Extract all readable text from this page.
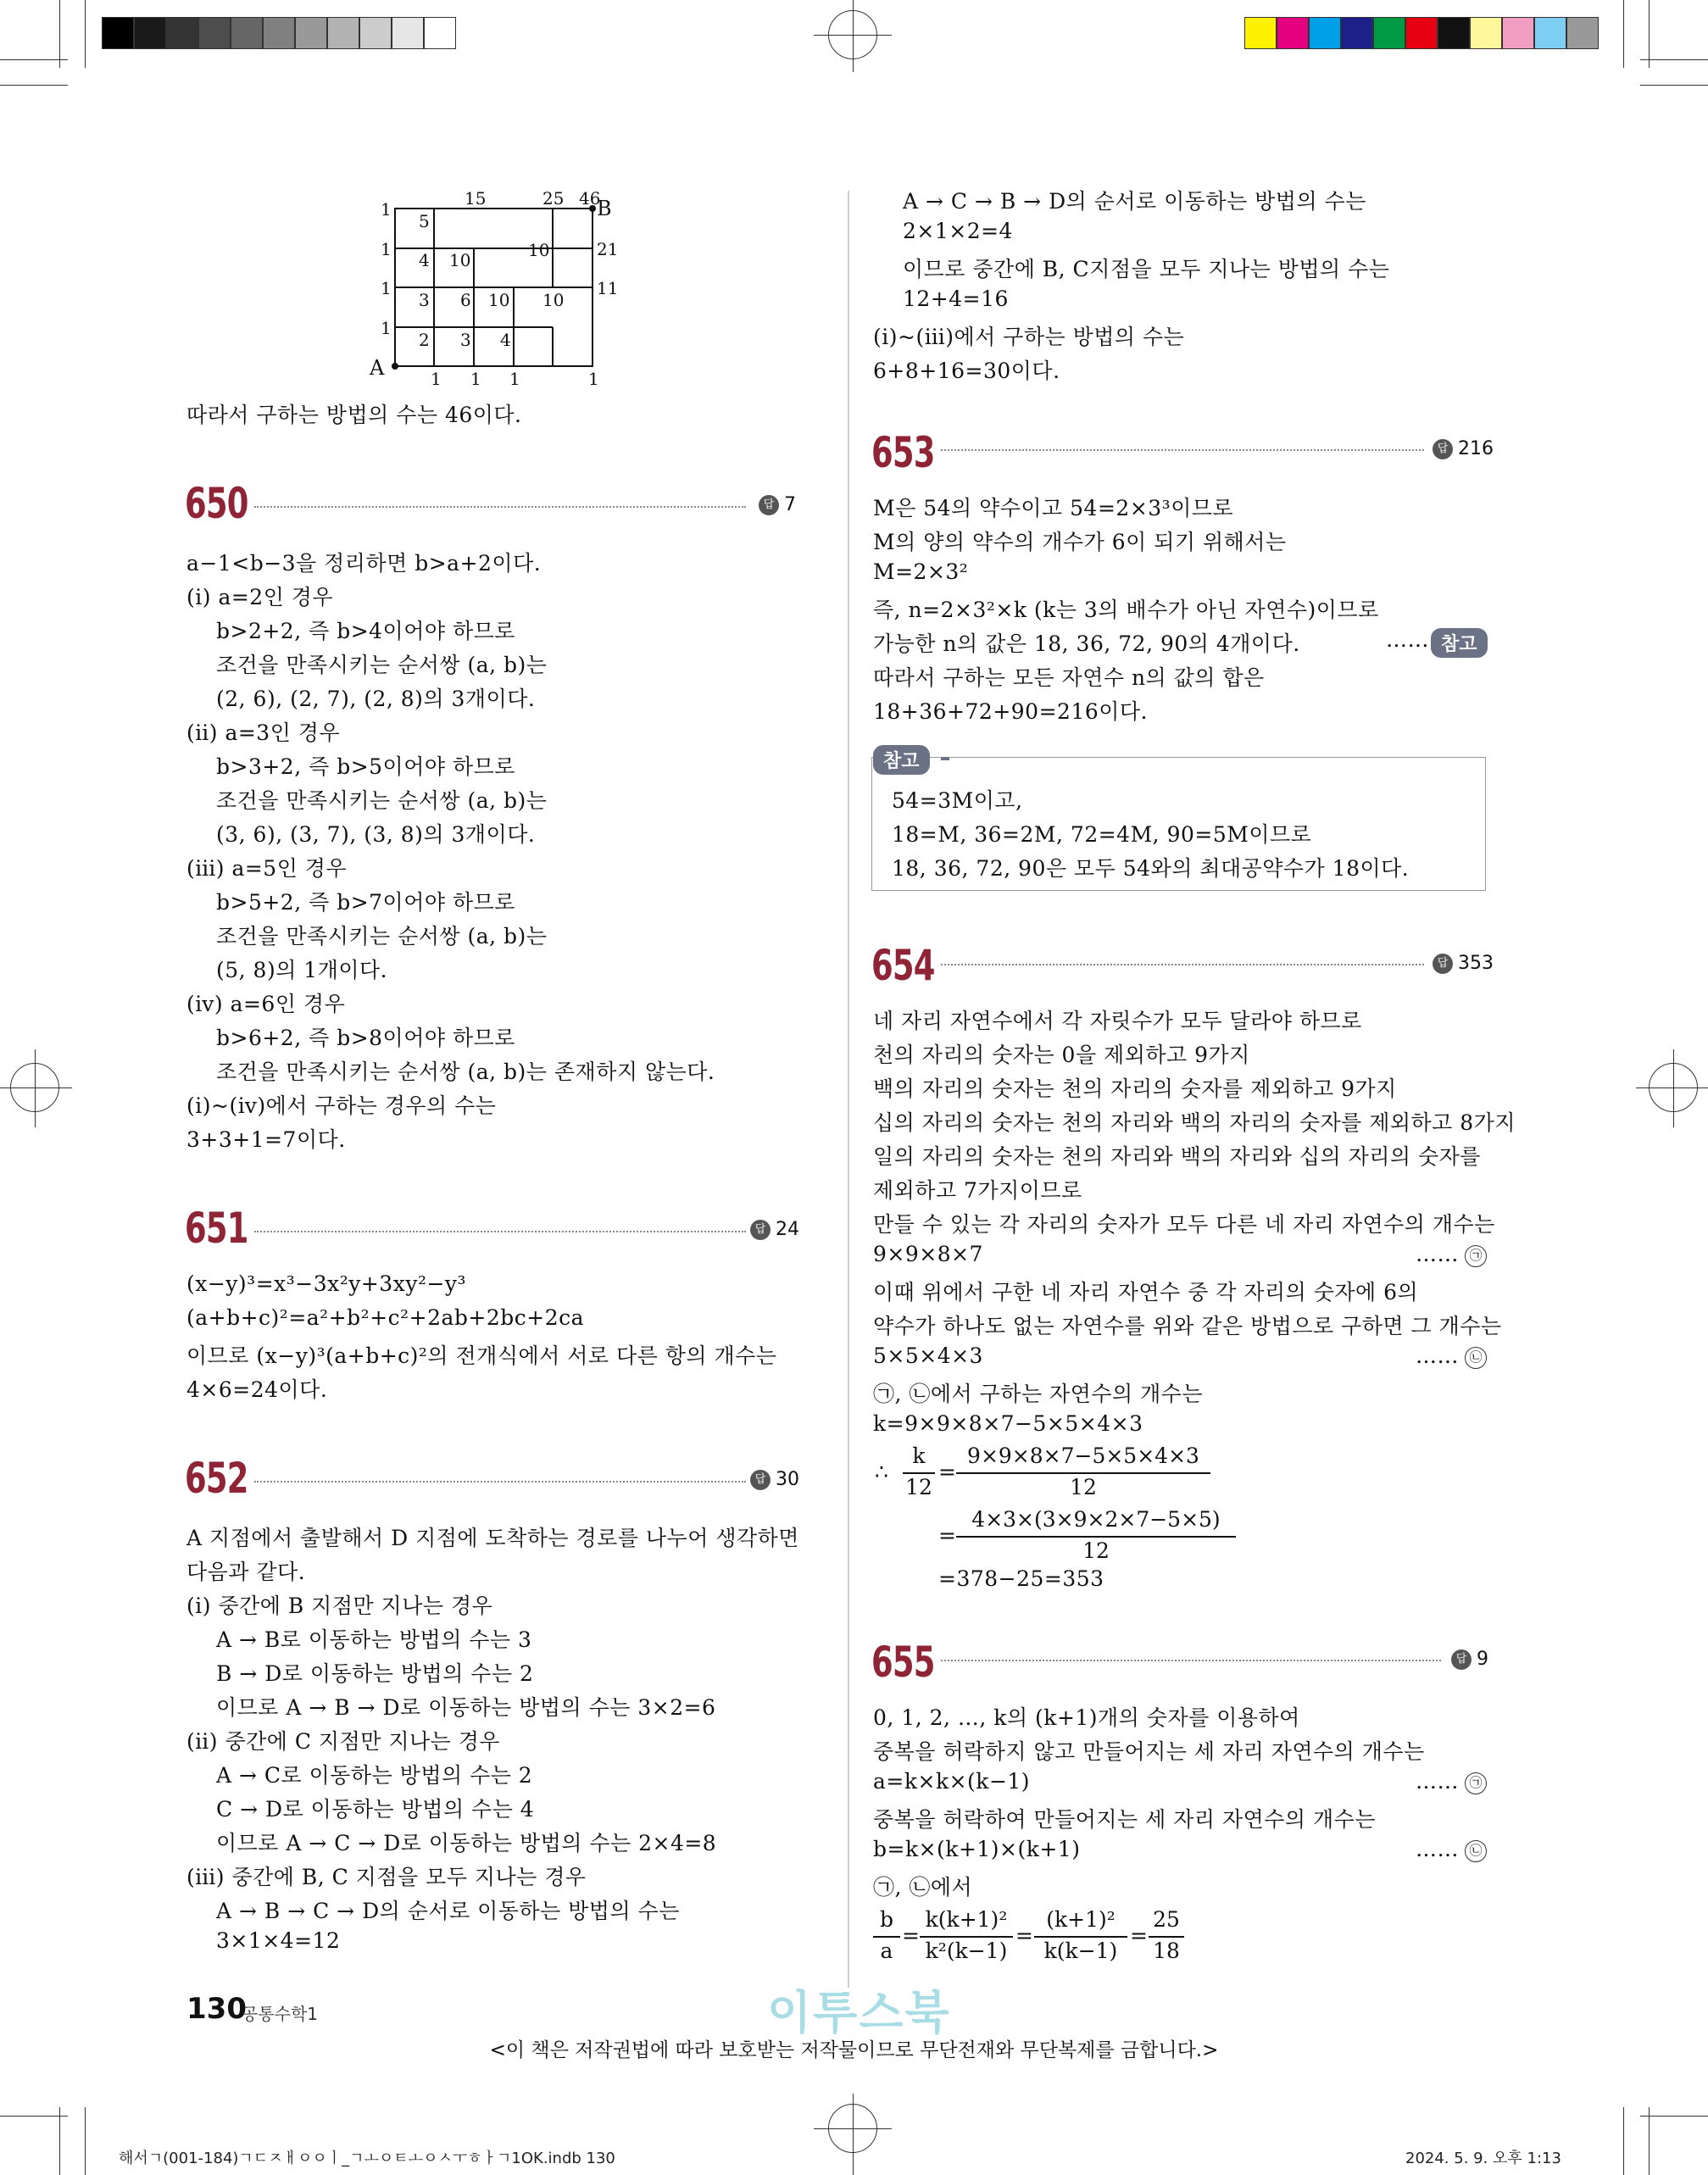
A
B
15	25 46
1
1
1
1
5
4 10	10	21
11
3 6 10 10
2 3 4
1 1 1	1
따라서 구하는 방법의 수는 46이다.
650	답 7
a−1<b−3을 정리하면 b>a+2이다.
(ⅰ) a=2인 경우
b>2+2, 즉 b>4이어야 하므로
조건을 만족시키는 순서쌍 (a, b)는
(2, 6), (2, 7), (2, 8)의 3개이다.
(ⅱ) a=3인 경우
b>3+2, 즉 b>5이어야 하므로
조건을 만족시키는 순서쌍 (a, b)는
(3, 6), (3, 7), (3, 8)의 3개이다.
(ⅲ) a=5인 경우
b>5+2, 즉 b>7이어야 하므로
조건을 만족시키는 순서쌍 (a, b)는
(5, 8)의 1개이다.
(ⅳ) a=6인 경우
b>6+2, 즉 b>8이어야 하므로
조건을 만족시키는 순서쌍 (a, b)는 존재하지 않는다.
(ⅰ)~(ⅳ)에서 구하는 경우의 수는
3+3+1=7이다.
651	답 24
(x−y)³=x³−3x²y+3xy²−y³
(a+b+c)²=a²+b²+c²+2ab+2bc+2ca
이므로 (x−y)³(a+b+c)²의 전개식에서 서로 다른 항의 개수는
4×6=24이다.
652	답 30
A 지점에서 출발해서 D 지점에 도착하는 경로를 나누어 생각하면
다음과 같다.
(ⅰ) 중간에 B 지점만 지나는 경우
A → B로 이동하는 방법의 수는 3
B → D로 이동하는 방법의 수는 2
이므로 A → B → D로 이동하는 방법의 수는 3×2=6
(ⅱ) 중간에 C 지점만 지나는 경우
A → C로 이동하는 방법의 수는 2
C → D로 이동하는 방법의 수는 4
이므로 A → C → D로 이동하는 방법의 수는 2×4=8
(ⅲ) 중간에 B, C 지점을 모두 지나는 경우
A → B → C → D의 순서로 이동하는 방법의 수는
3×1×4=12
A → C → B → D의 순서로 이동하는 방법의 수는
2×1×2=4
이므로 중간에 B, C지점을 모두 지나는 방법의 수는
12+4=16
(ⅰ)~(ⅲ)에서 구하는 방법의 수는
6+8+16=30이다.
653	답 216
M은 54의 약수이고 54=2×3³이므로
M의 양의 약수의 개수가 6이 되기 위해서는
M=2×3²
즉, n=2×3²×k (k는 3의 배수가 아닌 자연수)이므로
가능한 n의 값은 18, 36, 72, 90의 4개이다.	…… 참고
따라서 구하는 모든 자연수 n의 값의 합은
18+36+72+90=216이다.
참고
54=3M이고,
18=M, 36=2M, 72=4M, 90=5M이므로
18, 36, 72, 90은 모두 54와의 최대공약수가 18이다.
654	답 353
네 자리 자연수에서 각 자릿수가 모두 달라야 하므로
천의 자리의 숫자는 0을 제외하고 9가지
백의 자리의 숫자는 천의 자리의 숫자를 제외하고 9가지
십의 자리의 숫자는 천의 자리와 백의 자리의 숫자를 제외하고 8가지
일의 자리의 숫자는 천의 자리와 백의 자리와 십의 자리의 숫자를
제외하고 7가지이므로
만들 수 있는 각 자리의 숫자가 모두 다른 네 자리 자연수의 개수는
9×9×8×7	…… ㉠
이때 위에서 구한 네 자리 자연수 중 각 자리의 숫자에 6의
약수가 하나도 없는 자연수를 위와 같은 방법으로 구하면 그 개수는
5×5×4×3	…… ㉡
㉠, ㉡에서 구하는 자연수의 개수는
k=9×9×8×7−5×5×4×3
∴
k
12
=
9×9×8×7−5×5×4×3
12
=
4×3×(3×9×2×7−5×5)
12
=378−25=353
655	답 9
0, 1, 2, …, k의 (k+1)개의 숫자를 이용하여
중복을 허락하지 않고 만들어지는 세 자리 자연수의 개수는
a=k×k×(k−1)	…… ㉠
중복을 허락하여 만들어지는 세 자리 자연수의 개수는
b=k×(k+1)×(k+1)	…… ㉡
㉠, ㉡에서
b
a
=
k(k+1)²
k²(k−1)
=
(k+1)²
k(k−1)
=
25
18
130
공통수학1	이투스북
<이 책은 저작권법에 따라 보호받는 저작물이므로 무단전재와 무단복제를 금합니다.>
해서ㄱ(001-184)ㄱㄷㅈㅐㅇㅇㅣ_ㄱㅗㅇㅌㅗㅇㅅㅜㅎㅏㄱ1OK.indb 130	2024. 5. 9. 오후 1:13
